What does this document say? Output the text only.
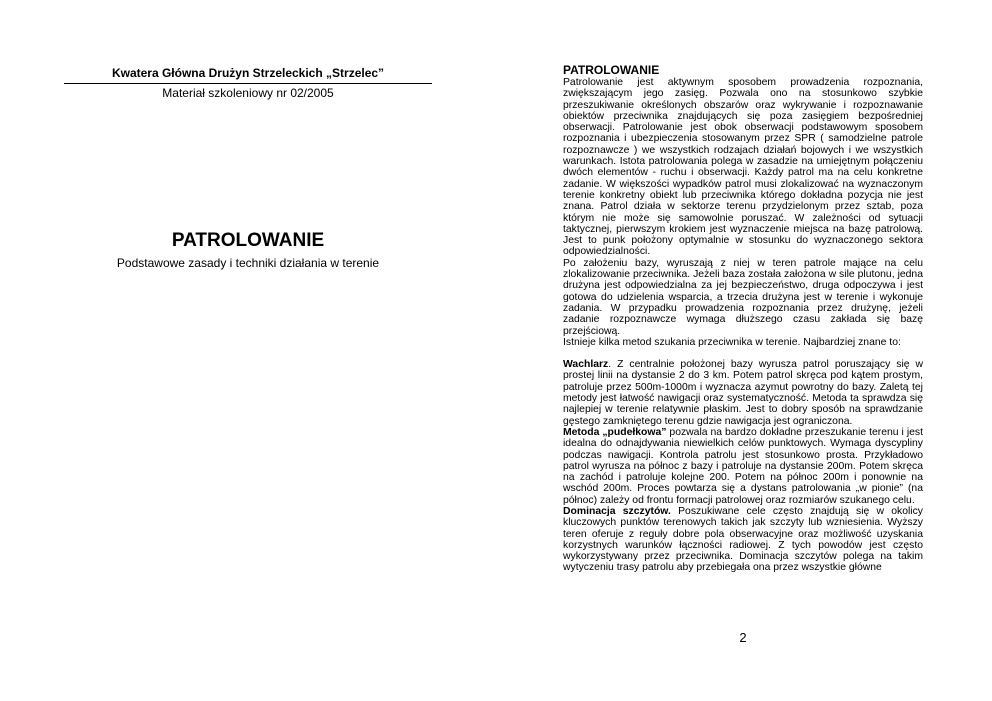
Kwatera Główna Drużyn Strzeleckich „Strzelec”
Materiał szkoleniowy nr 02/2005
PATROLOWANIE
Podstawowe zasady i techniki działania w terenie
PATROLOWANIE

Patrolowanie jest aktywnym sposobem prowadzenia rozpoznania, zwiększającym jego zasięg. Pozwala ono na stosunkowo szybkie przeszukiwanie określonych obszarów oraz wykrywanie i rozpoznawanie obiektów przeciwnika znajdujących się poza zasięgiem bezpośredniej obserwacji. Patrolowanie jest obok obserwacji podstawowym sposobem rozpoznania i ubezpieczenia stosowanym przez SPR ( samodzielne patrole rozpoznawcze ) we wszystkich rodzajach działań bojowych i we wszystkich warunkach. Istota patrolowania polega w zasadzie na umiejętnym połączeniu dwóch elementów - ruchu i obserwacji. Każdy patrol ma na celu konkretne zadanie. W większości wypadków patrol musi zlokalizować na wyznaczonym terenie konkretny obiekt lub przeciwnika którego dokładna pozycja nie jest znana. Patrol działa w sektorze terenu przydzielonym przez sztab, poza którym nie może się samowolnie poruszać. W zależności od sytuacji taktycznej, pierwszym krokiem jest wyznaczenie miejsca na bazę patrolową. Jest to punk położony optymalnie w stosunku do wyznaczonego sektora odpowiedzialności.

Po założeniu bazy, wyruszają z niej w teren patrole mające na celu zlokalizowanie przeciwnika. Jeżeli baza została założona w sile plutonu, jedna drużyna jest odpowiedzialna za jej bezpieczeństwo, druga odpoczywa i jest gotowa do udzielenia wsparcia, a trzecia drużyna jest w terenie i wykonuje zadania. W przypadku prowadzenia rozpoznania przez drużynę, jeżeli zadanie rozpoznawcze wymaga dłuższego czasu zakłada się bazę przejściową.

Istnieje kilka metod szukania przeciwnika w terenie. Najbardziej znane to:

Wachlarz. Z centralnie położonej bazy wyrusza patrol poruszający się w prostej linii na dystansie 2 do 3 km. Potem patrol skręca pod kątem prostym, patroluje przez 500m-1000m i wyznacza azymut powrotny do bazy. Zaletą tej metody jest łatwość nawigacji oraz systematyczność. Metoda ta sprawdza się najlepiej w terenie relatywnie płaskim. Jest to dobry sposób na sprawdzanie gęstego zamkniętego terenu gdzie nawigacja jest ograniczona.

Metoda „pudełkowa” pozwala na bardzo dokładne przeszukanie terenu i jest idealna do odnajdywania niewielkich celów punktowych. Wymaga dyscypliny podczas nawigacji. Kontrola patrolu jest stosunkowo prosta. Przykładowo patrol wyrusza na północ z bazy i patroluje na dystansie 200m. Potem skręca na zachód i patroluje kolejne 200. Potem na północ 200m i ponownie na wschód 200m. Proces powtarza się a dystans patrolowania „w pionie” (na północ) zależy od frontu formacji patrolowej oraz rozmiarów szukanego celu.

Dominacja szczytów. Poszukiwane cele często znajdują się w okolicy kluczowych punktów terenowych takich jak szczyty lub wzniesienia. Wyższy teren oferuje z reguły dobre pola obserwacyjne oraz możliwość uzyskania korzystnych warunków łączności radiowej. Z tych powodów jest często wykorzystywany przez przeciwnika. Dominacja szczytów polega na takim wytyczeniu trasy patrolu aby przebiegała ona przez wszystkie główne

2
